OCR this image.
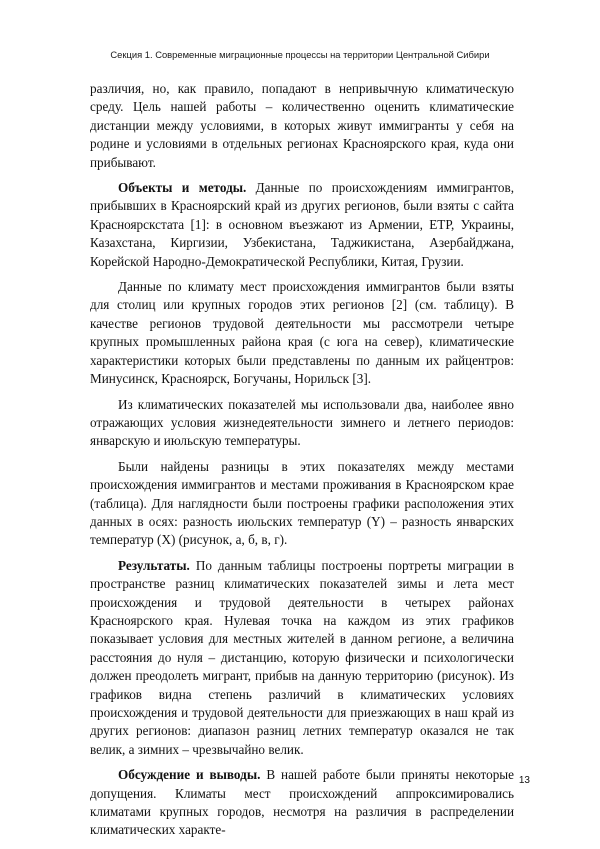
Секция 1. Современные миграционные процессы на территории Центральной Сибири

различия, но, как правило, попадают в непривычную климатическую среду. Цель нашей работы – количественно оценить климатические дистанции между условиями, в которых живут иммигранты у себя на родине и условиями в отдельных регионах Красноярского края, куда они прибывают.

Объекты и методы. Данные по происхождениям иммигрантов, прибывших в Красноярский край из других регионов, были взяты с сайта Красноярскстата [1]: в основном въезжают из Армении, ЕТР, Украины, Казахстана, Киргизии, Узбекистана, Таджикистана, Азербайджана, Корейской Народно-Демократической Республики, Китая, Грузии.

Данные по климату мест происхождения иммигрантов были взяты для столиц или крупных городов этих регионов [2] (см. таблицу). В качестве регионов трудовой деятельности мы рассмотрели четыре крупных промышленных района края (с юга на север), климатические характеристики которых были представлены по данным их райцентров: Минусинск, Красноярск, Богучаны, Норильск [3].

Из климатических показателей мы использовали два, наиболее явно отражающих условия жизнедеятельности зимнего и летнего периодов: январскую и июльскую температуры.

Были найдены разницы в этих показателях между местами происхождения иммигрантов и местами проживания в Красноярском крае (таблица). Для наглядности были построены графики расположения этих данных в осях: разность июльских температур (Y) – разность январских температур (X) (рисунок, а, б, в, г).

Результаты. По данным таблицы построены портреты миграции в пространстве разниц климатических показателей зимы и лета мест происхождения и трудовой деятельности в четырех районах Красноярского края. Нулевая точка на каждом из этих графиков показывает условия для местных жителей в данном регионе, а величина расстояния до нуля – дистанцию, которую физически и психологически должен преодолеть мигрант, прибыв на данную территорию (рисунок). Из графиков видна степень различий в климатических условиях происхождения и трудовой деятельности для приезжающих в наш край из других регионов: диапазон разниц летних температур оказался не так велик, а зимних – чрезвычайно велик.

Обсуждение и выводы. В нашей работе были приняты некоторые допущения. Климаты мест происхождений аппроксимировались климатами крупных городов, несмотря на различия в распределении климатических характе-

13
